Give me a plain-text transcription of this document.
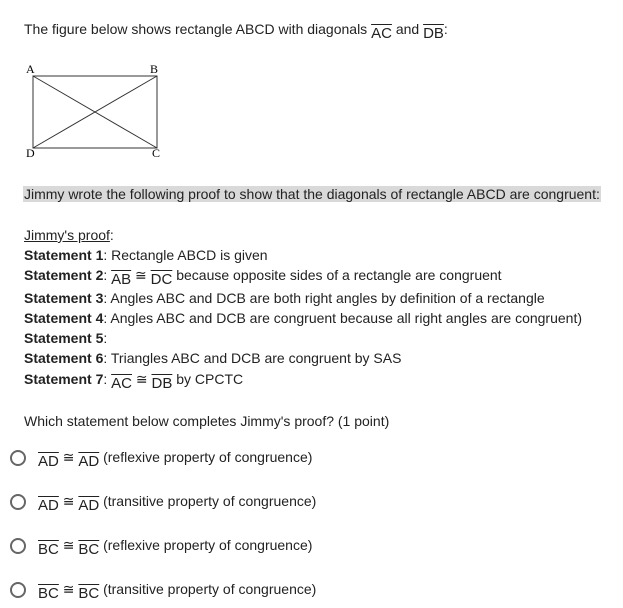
The figure below shows rectangle ABCD with diagonals $\overline{AC}$ and $\overline{DB}$:
A	B
C
D
Jimmy wrote the following proof to show that the diagonals of rectangle ABCD are congruent:
Jimmy's proof:
Statement 1: Rectangle ABCD is given
Statement 2: $\overline{AB}$ ≅ $\overline{DC}$ because opposite sides of a rectangle are congruent
Statement 3: Angles ABC and DCB are both right angles by definition of a rectangle
Statement 4: Angles ABC and DCB are congruent because all right angles are congruent)
Statement 5:
Statement 6: Triangles ABC and DCB are congruent by SAS
Statement 7: $\overline{AC}$ ≅ $\overline{DB}$ by CPCTC
Which statement below completes Jimmy's proof? (1 point)
$\overline{AD}$ ≅ $\overline{AD}$ (reflexive property of congruence)
$\overline{AD}$ ≅ $\overline{AD}$ (transitive property of congruence)
$\overline{BC}$ ≅ $\overline{BC}$ (reflexive property of congruence)
$\overline{BC}$ ≅ $\overline{BC}$ (transitive property of congruence)
